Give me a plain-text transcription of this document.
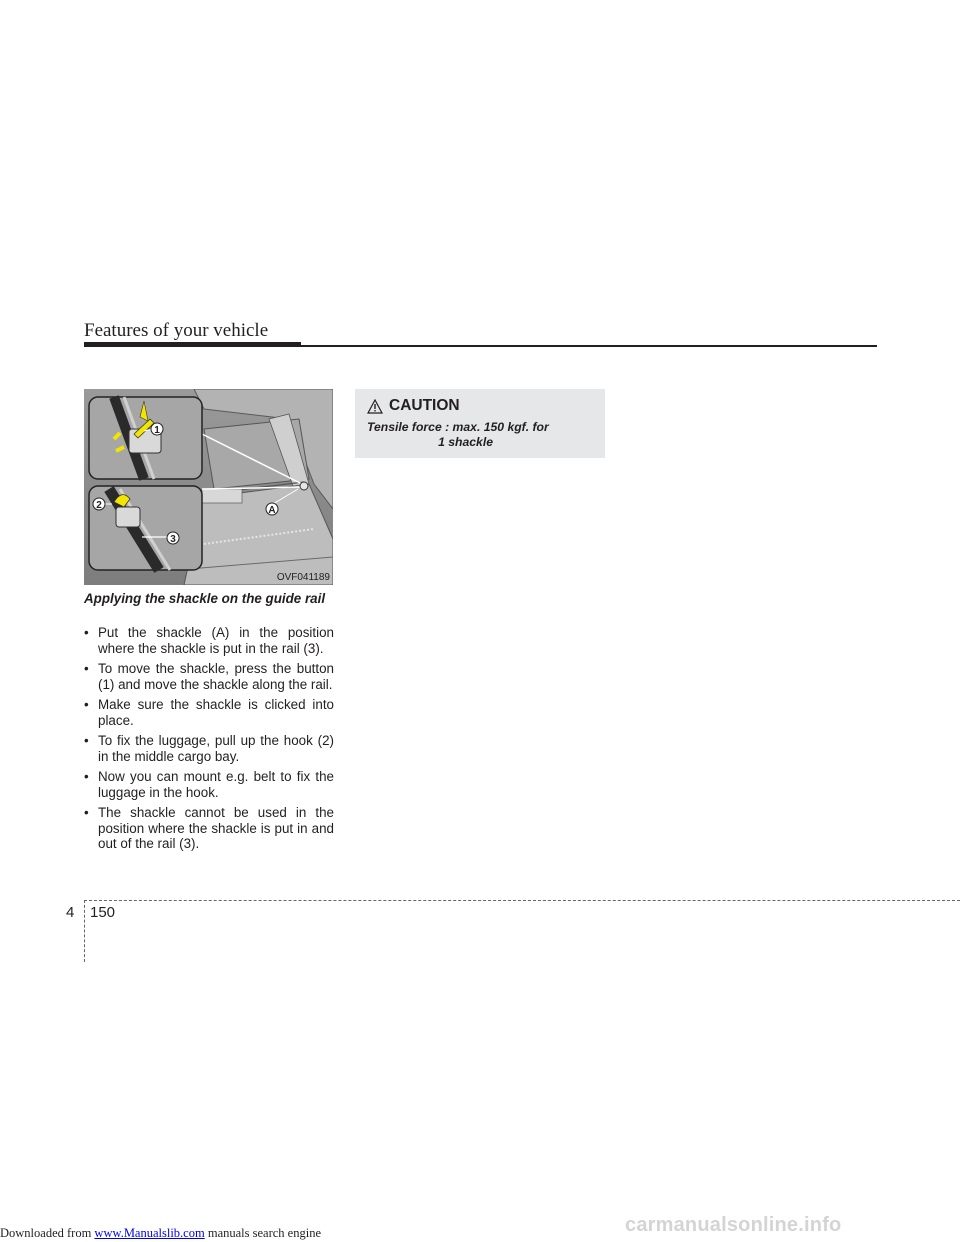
Features of your vehicle
1
2
3
A
OVF041189
Applying the shackle on the guide rail
• Put the shackle (A) in the position where the shackle is put in the rail (3).
• To move the shackle, press the button (1) and move the shackle along the rail.
• Make sure the shackle is clicked into place.
• To fix the luggage, pull up the hook (2) in the middle cargo bay.
• Now you can mount e.g. belt to fix the luggage in the hook.
• The shackle cannot be used in the position where the shackle is put in and out of the rail (3).
CAUTION
Tensile force : max. 150 kgf. for
1 shackle
4 150
Downloaded from www.Manualslib.com manuals search engine	carmanualsonline.info
